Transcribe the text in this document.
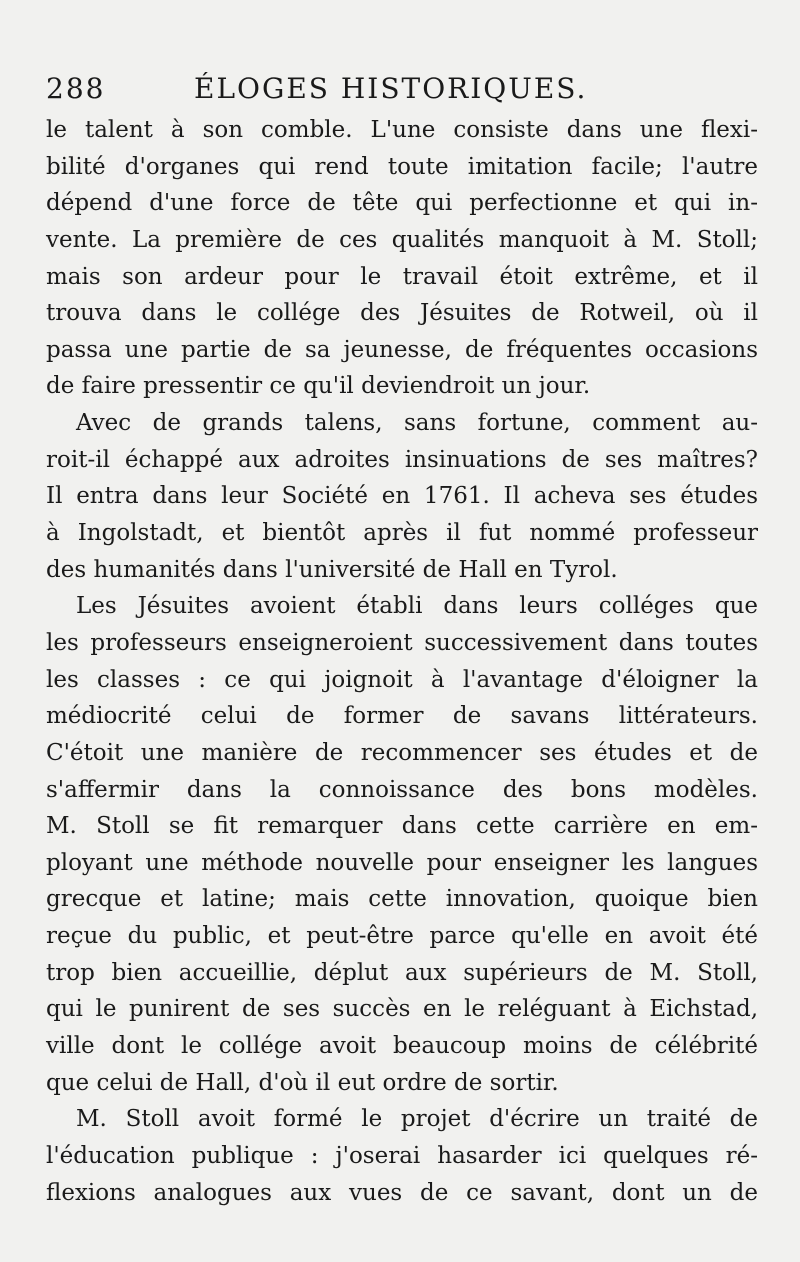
288	ÉLOGES HISTORIQUES.
le talent à son comble. L'une consiste dans une flexi-
bilité d'organes qui rend toute imitation facile; l'autre
dépend d'une force de tête qui perfectionne et qui in-
vente. La première de ces qualités manquoit à M. Stoll;
mais son ardeur pour le travail étoit extrême, et il
trouva dans le collége des Jésuites de Rotweil, où il
passa une partie de sa jeunesse, de fréquentes occasions
de faire pressentir ce qu'il deviendroit un jour.
Avec de grands talens, sans fortune, comment au-
roit-il échappé aux adroites insinuations de ses maîtres?
Il entra dans leur Société en 1761. Il acheva ses études
à Ingolstadt, et bientôt après il fut nommé professeur
des humanités dans l'université de Hall en Tyrol.
Les Jésuites avoient établi dans leurs colléges que
les professeurs enseigneroient successivement dans toutes
les classes : ce qui joignoit à l'avantage d'éloigner la
médiocrité celui de former de savans littérateurs.
C'étoit une manière de recommencer ses études et de
s'affermir dans la connoissance des bons modèles.
M. Stoll se fit remarquer dans cette carrière en em-
ployant une méthode nouvelle pour enseigner les langues
grecque et latine; mais cette innovation, quoique bien
reçue du public, et peut-être parce qu'elle en avoit été
trop bien accueillie, déplut aux supérieurs de M. Stoll,
qui le punirent de ses succès en le reléguant à Eichstad,
ville dont le collége avoit beaucoup moins de célébrité
que celui de Hall, d'où il eut ordre de sortir.
M. Stoll avoit formé le projet d'écrire un traité de
l'éducation publique : j'oserai hasarder ici quelques ré-
flexions analogues aux vues de ce savant, dont un de
